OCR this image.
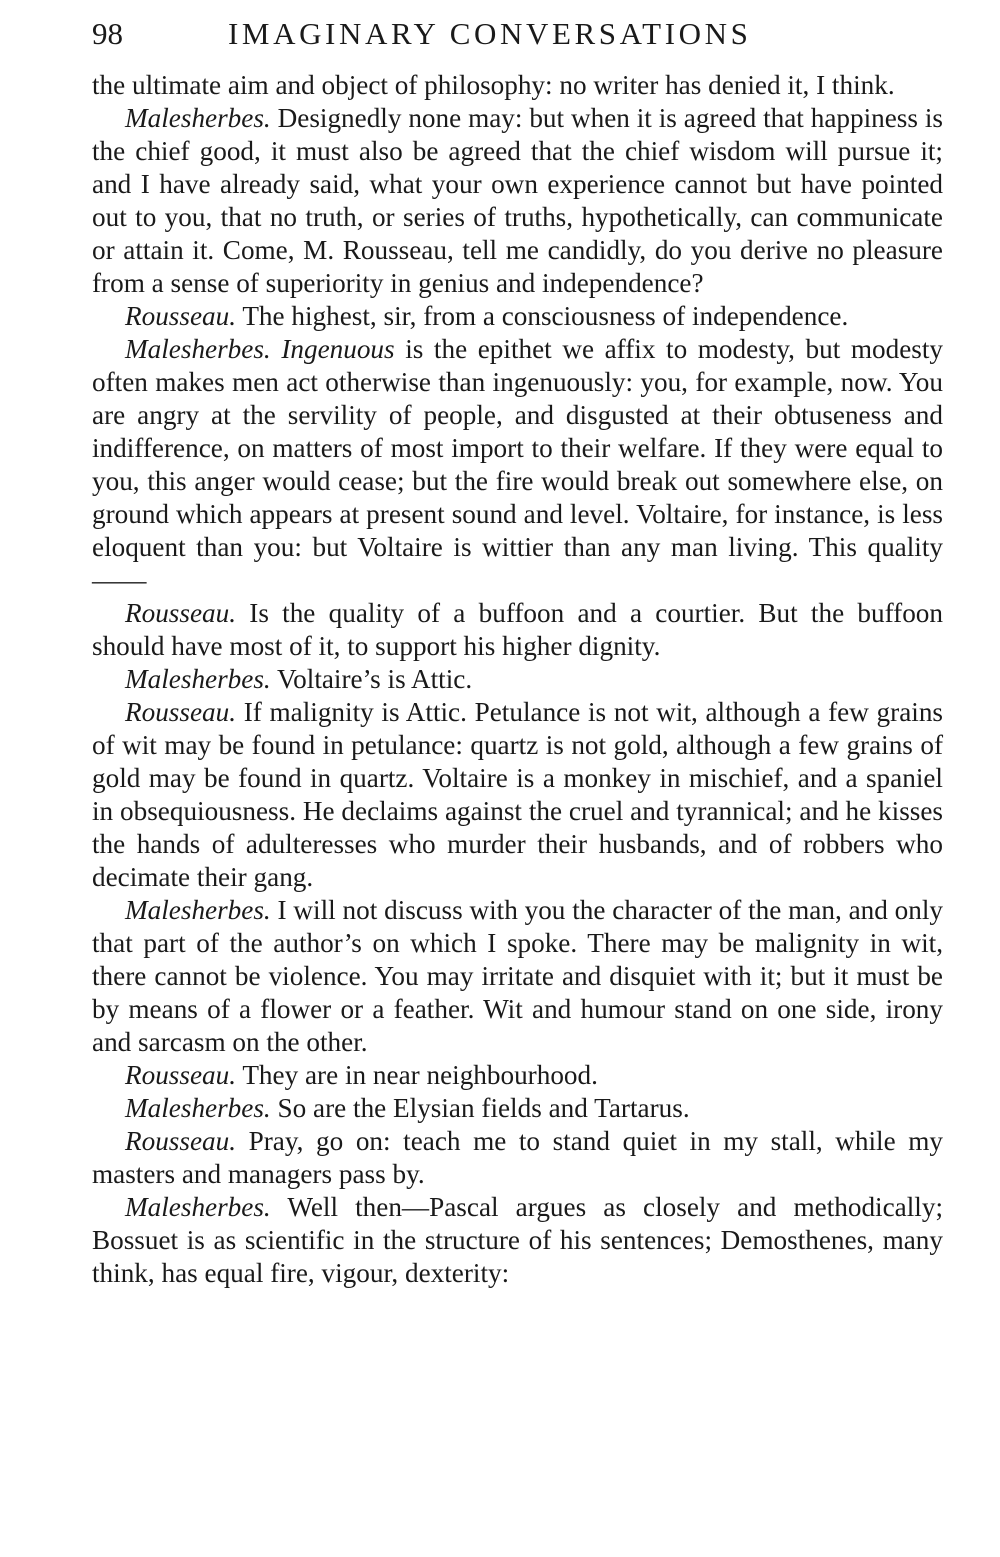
98	IMAGINARY CONVERSATIONS

the ultimate aim and object of philosophy: no writer has denied it, I think.

Malesherbes. Designedly none may: but when it is agreed that happiness is the chief good, it must also be agreed that the chief wisdom will pursue it; and I have already said, what your own experience cannot but have pointed out to you, that no truth, or series of truths, hypothetically, can communicate or attain it. Come, M. Rousseau, tell me candidly, do you derive no pleasure from a sense of superiority in genius and independence?

Rousseau. The highest, sir, from a consciousness of independence.

Malesherbes. Ingenuous is the epithet we affix to modesty, but modesty often makes men act otherwise than ingenuously: you, for example, now. You are angry at the servility of people, and disgusted at their obtuseness and indifference, on matters of most import to their welfare. If they were equal to you, this anger would cease; but the fire would break out somewhere else, on ground which appears at present sound and level. Voltaire, for instance, is less eloquent than you: but Voltaire is wittier than any man living. This quality——

Rousseau. Is the quality of a buffoon and a courtier. But the buffoon should have most of it, to support his higher dignity.

Malesherbes. Voltaire’s is Attic.

Rousseau. If malignity is Attic. Petulance is not wit, although a few grains of wit may be found in petulance: quartz is not gold, although a few grains of gold may be found in quartz. Voltaire is a monkey in mischief, and a spaniel in obsequiousness. He declaims against the cruel and tyrannical; and he kisses the hands of adulteresses who murder their husbands, and of robbers who decimate their gang.

Malesherbes. I will not discuss with you the character of the man, and only that part of the author’s on which I spoke. There may be malignity in wit, there cannot be violence. You may irritate and disquiet with it; but it must be by means of a flower or a feather. Wit and humour stand on one side, irony and sarcasm on the other.

Rousseau. They are in near neighbourhood.

Malesherbes. So are the Elysian fields and Tartarus.

Rousseau. Pray, go on: teach me to stand quiet in my stall, while my masters and managers pass by.

Malesherbes. Well then—Pascal argues as closely and methodically; Bossuet is as scientific in the structure of his sentences; Demosthenes, many think, has equal fire, vigour, dexterity:
